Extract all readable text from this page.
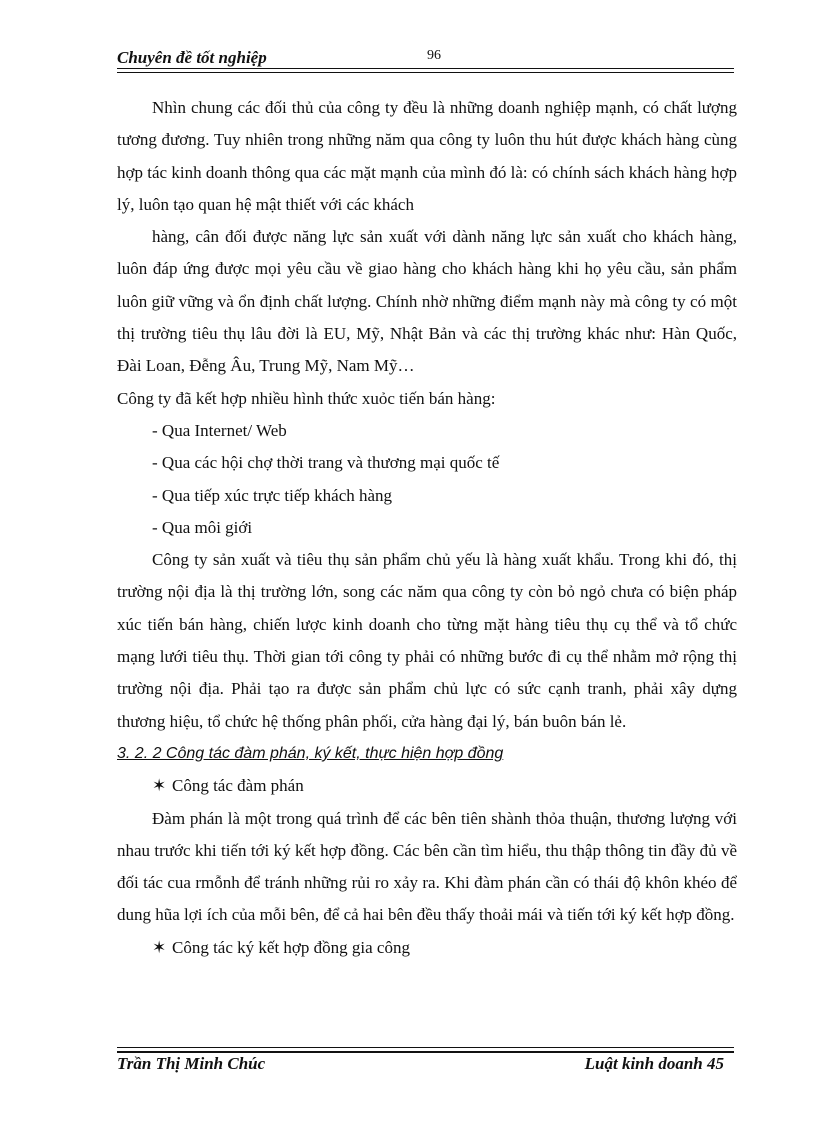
Chuyên đề tốt nghiệp	96

Nhìn chung các đối thủ của công ty đều là những doanh nghiệp mạnh, có chất lượng tương đương. Tuy nhiên trong những năm qua công ty luôn thu hút được khách hàng cùng hợp tác kinh doanh thông qua các mặt mạnh của mình đó là: có chính sách khách hàng hợp lý, luôn tạo quan hệ mật thiết với các khách

hàng, cân đối được năng lực sản xuất với dành năng lực sản xuất cho khách hàng, luôn đáp ứng được mọi yêu cầu về giao hàng cho khách hàng khi họ yêu cầu, sản phẩm luôn giữ vững và ổn định chất lượng. Chính nhờ những điểm mạnh này mà công ty có một thị trường tiêu thụ lâu đời là EU, Mỹ, Nhật Bản và các thị trường khác như: Hàn Quốc, Đài Loan, Đễng Âu, Trung Mỹ, Nam Mỹ…

Công ty đã kết hợp nhiều hình thức xuỏc tiến bán hàng:

- Qua Internet/ Web

- Qua các hội chợ thời trang và thương mại quốc tế

- Qua tiếp xúc trực tiếp khách hàng

- Qua môi giới

Công ty sản xuất và tiêu thụ sản phẩm chủ yếu là hàng xuất khẩu. Trong khi đó, thị trường nội địa là thị trường lớn, song các năm qua công ty còn bỏ ngỏ chưa có biện pháp xúc tiến bán hàng, chiến lược kinh doanh cho từng mặt hàng tiêu thụ cụ thể và tổ chức mạng lưới tiêu thụ. Thời gian tới công ty phải có những bước đi cụ thể nhằm mở rộng thị trường nội địa. Phải tạo ra được sản phẩm chủ lực có sức cạnh tranh, phải xây dựng thương hiệu, tổ chức hệ thống phân phối, cửa hàng đại lý, bán buôn bán lẻ.

3. 2. 2 Công tác đàm phán, ký kết, thực hiện hợp đồng

✶ Công tác đàm phán

Đàm phán là một trong quá trình để các bên tiên shành thỏa thuận, thương lượng với nhau trước khi tiến tới ký kết hợp đồng. Các bên cần tìm hiểu, thu thập thông tin đầy đủ về đối tác cua rmỗnh để tránh những rủi ro xảy ra. Khi đàm phán cần có thái độ khôn khéo để dung hũa lợi ích của mỗi bên, để cả hai bên đều thấy thoải mái và tiến tới ký kết hợp đồng.

✶ Công tác ký kết hợp đồng gia công

Trần Thị Minh Chúc	Luật kinh doanh 45
